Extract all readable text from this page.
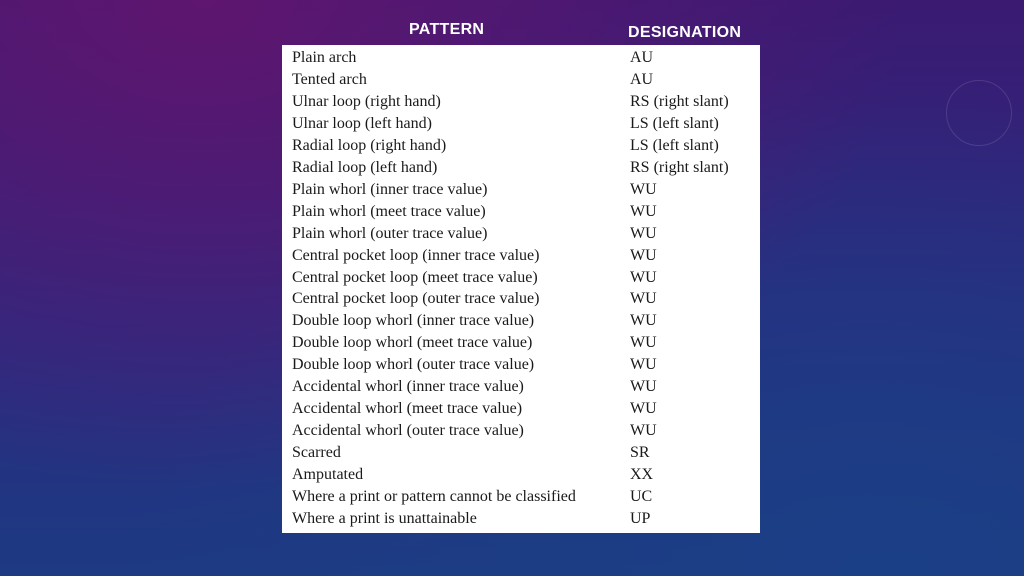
PATTERN	DESIGNATION
Plain arch
Tented arch
Ulnar loop (right hand)
Ulnar loop (left hand)
Radial loop (right hand)
Radial loop (left hand)
Plain whorl (inner trace value)
Plain whorl (meet trace value)
Plain whorl (outer trace value)
Central pocket loop (inner trace value)
Central pocket loop (meet trace value)
Central pocket loop (outer trace value)
Double loop whorl (inner trace value)
Double loop whorl (meet trace value)
Double loop whorl (outer trace value)
Accidental whorl (inner trace value)
Accidental whorl (meet trace value)
Accidental whorl (outer trace value)
Scarred
Amputated
Where a print or pattern cannot be classified
Where a print is unattainable
AU
AU
RS (right slant)
LS (left slant)
LS (left slant)
RS (right slant)
WU
WU
WU
WU
WU
WU
WU
WU
WU
WU
WU
WU
SR
XX
UC
UP
